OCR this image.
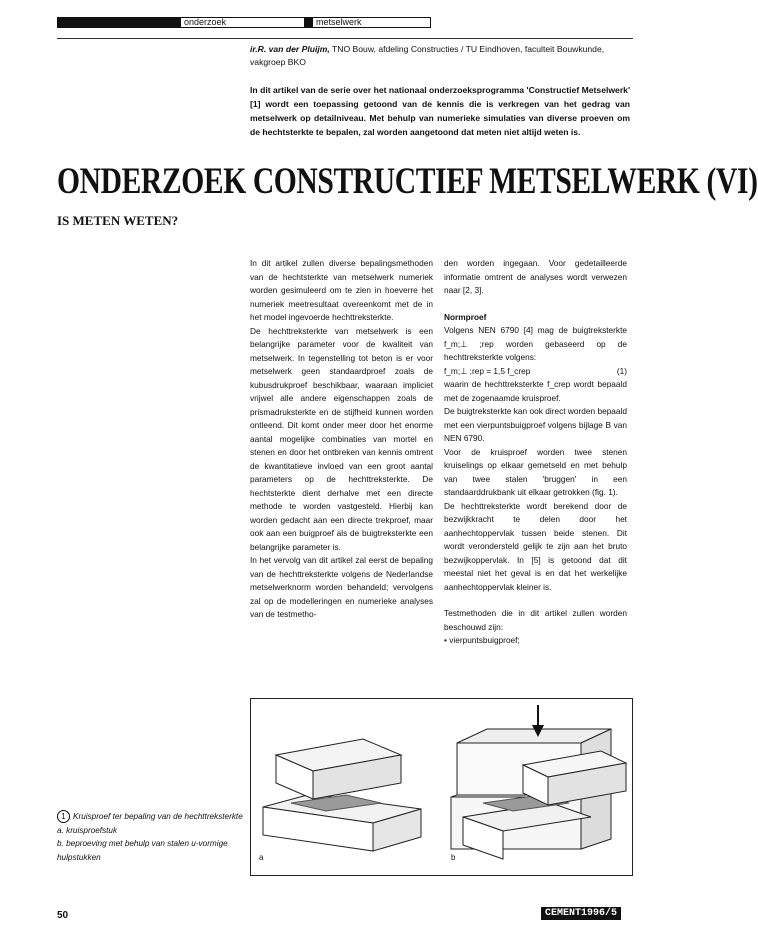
onderzoek	metselwerk
ir.R. van der Pluijm, TNO Bouw, afdeling Constructies / TU Eindhoven, faculteit Bouwkunde, vakgroep BKO
In dit artikel van de serie over het nationaal onderzoeksprogramma 'Constructief Metselwerk' [1] wordt een toepassing getoond van de kennis die is verkregen van het gedrag van metselwerk op detailniveau. Met behulp van numerieke simulaties van diverse proeven om de hechtsterkte te bepalen, zal worden aangetoond dat meten niet altijd weten is.
ONDERZOEK CONSTRUCTIEF METSELWERK (VI)
IS METEN WETEN?

In dit artikel zullen diverse bepalingsmethoden van de hechtsterkte van metselwerk numeriek worden gesimuleerd om te zien in hoeverre het numeriek meetresultaat overeenkomt met de in het model ingevoerde hechttreksterkte.

De hechttreksterkte van metselwerk is een belangrijke parameter voor de kwaliteit van metselwerk. In tegenstelling tot beton is er voor metselwerk geen standaardproef zoals de kubusdrukproef beschikbaar, waaraan impliciet vrijwel alle andere eigenschappen zoals de prismadruksterkte en de stijfheid kunnen worden ontleend. Dit komt onder meer door het enorme aantal mogelijke combinaties van mortel en stenen en door het ontbreken van kennis omtrent de kwantitatieve invloed van een groot aantal parameters op de hechttreksterkte. De hechtsterkte dient derhalve met een directe methode te worden vastgesteld. Hierbij kan worden gedacht aan een directe trekproef, maar ook aan een buigproef als de buigtreksterkte een belangrijke parameter is.

In het vervolg van dit artikel zal eerst de bepaling van de hechttreksterkte volgens de Nederlandse metselwerknorm worden behandeld; vervolgens zal op de modelleringen en numerieke analyses van de testmetho-

den worden ingegaan. Voor gedetailleerde informatie omtrent de analyses wordt verwezen naar [2, 3].

Normproef

Volgens NEN 6790 [4] mag de buigtreksterkte f_m;⊥ ;rep worden gebaseerd op de hechttreksterkte volgens:

f_m;⊥ ;rep = 1,5 f_crep	(1)

waarin de hechttreksterkte f_crep wordt bepaald met de zogenaamde kruisproef.

De buigtreksterkte kan ook direct worden bepaald met een vierpuntsbuigproef volgens bijlage B van NEN 6790.

Voor de kruisproef worden twee stenen kruiselings op elkaar gemetseld en met behulp van twee stalen 'bruggen' in een standaarddrukbank uit elkaar getrokken (fig. 1).

De hechttreksterkte wordt berekend door de bezwijkkracht te delen door het aanhechtoppervlak tussen beide stenen. Dit wordt verondersteld gelijk te zijn aan het bruto bezwijkoppervlak. In [5] is getoond dat dit meestal niet het geval is en dat het werkelijke aanhechtoppervlak kleiner is.

Testmethoden die in dit artikel zullen worden beschouwd zijn:

• vierpuntsbuigproef;

a	b
1 Kruisproef ter bepaling van de hechttreksterkte
a. kruisproefstuk
b. beproeving met behulp van stalen u-vormige hulpstukken
50	CEMENT1996/5
